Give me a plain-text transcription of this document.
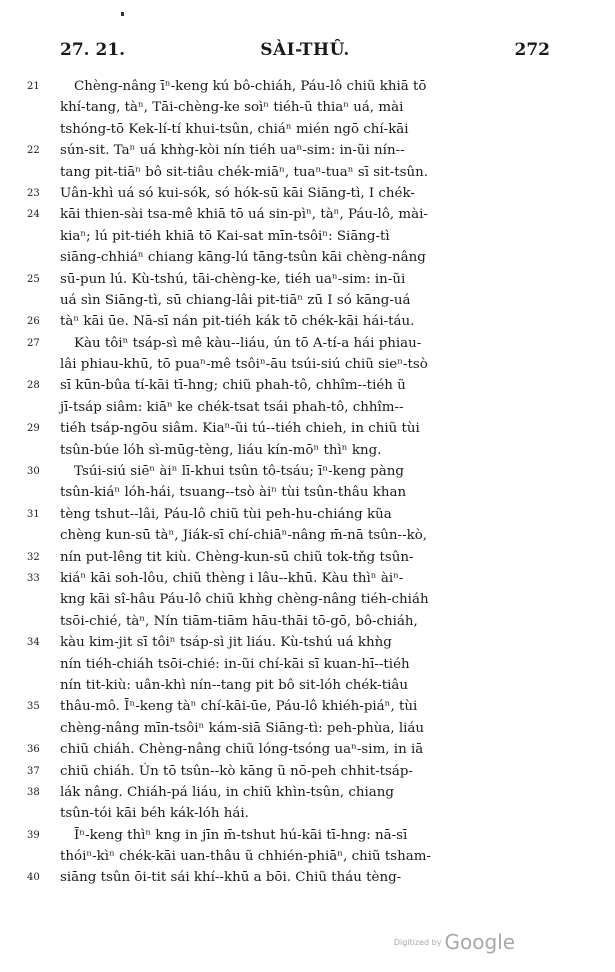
27. 21.	SÀI-THÛ.	272
21	Chèng-nâng īⁿ-keng kú bô-chiáh, Páu-lô chiũ khiā tō
khí-tang, tàⁿ, Tāi-chèng-ke soìⁿ tiéh-ũ thiaⁿ uá, mài
tshóng-tō Kek-lí-tí khui-tsûn, chiáⁿ mién ngō chí-kāi
22	sún-sit. Taⁿ uá khǹg-kòi nín tiéh uaⁿ-sim: in-ũi nín--
tang pit-tiāⁿ bô sit-tiâu chék-miāⁿ, tuaⁿ-tuaⁿ sī sit-tsûn.
23	Uân-khì uá só kui-sók, só hók-sū kāi Siāng-tì, I chék-
24	kāi thien-sài tsa-mê khiā tō uá sin-pìⁿ, tàⁿ, Páu-lô, mài-
kiaⁿ; lú pit-tiéh khiā tō Kai-sat mīn-tsôiⁿ: Siāng-tì
siāng-chhiáⁿ chiang kāng-lú tāng-tsûn kāi chèng-nâng
25	sū-pun lú. Kù-tshú, tāi-chèng-ke, tiéh uaⁿ-sim: in-ũi
uá sìn Siāng-tì, sū chiang-lâi pit-tiāⁿ zū I só kāng-uá
26	tàⁿ kāi ūe. Nā-sī nán pit-tiéh kák tō chék-kāi hái-táu.
27	Kàu tôiⁿ tsáp-sì mê kàu--liáu, ún tō A-tí-a hái phiau-
lâi phiau-khū, tō puaⁿ-mê tsôiⁿ-āu tsúi-siú chiũ sieⁿ-tsò
28	sī kūn-bûa tí-kāi tī-hng; chiũ phah-tô, chhîm--tiéh ũ
jī-tsáp siâm: kiāⁿ ke chék-tsat tsái phah-tô, chhîm--
29	tiéh tsáp-ngōu siâm. Kiaⁿ-ũi tú--tiéh chieh, in chiũ tùi
tsûn-búe lóh sì-mūg-tèng, liáu kín-mōⁿ thìⁿ kng.
30	Tsúi-siú siēⁿ àiⁿ lī-khui tsûn tô-tsáu; īⁿ-keng pàng
tsûn-kiáⁿ lóh-hái, tsuang--tsò àiⁿ tùi tsûn-thâu khan
31	tèng tshut--lâi, Páu-lô chiũ tùi peh-hu-chiáng kũa
chèng kun-sū tàⁿ, Jiák-sī chí-chiāⁿ-nâng m̄-nā tsûn--kò,
32	nín put-lêng tit kiù. Chèng-kun-sū chiũ tok-tňg tsûn-
33	kiáⁿ kāi soh-lôu, chiũ thèng i lâu--khū. Kàu thìⁿ àiⁿ-
kng kāi sî-hâu Páu-lô chiũ khǹg chèng-nâng tiéh-chiáh
tsōi-chié, tàⁿ, Nín tiām-tiām hāu-thāi tō-gō, bô-chiáh,
34	kàu kim-jit sī tôiⁿ tsáp-sì jit liáu. Kù-tshú uá khǹg
nín tiéh-chiáh tsōi-chié: in-ũi chí-kāi sī kuan-hī--tiéh
nín tit-kiù: uân-khì nín--tang pit bô sit-lóh chék-tiâu
35	thâu-mô. Īⁿ-keng tàⁿ chí-kāi-ūe, Páu-lô khiéh-piáⁿ, tùi
chèng-nâng mīn-tsôiⁿ kám-siā Siāng-tì: peh-phùa, liáu
36	chiũ chiáh. Chèng-nâng chiũ lóng-tsóng uaⁿ-sim, in iā
37	chiũ chiáh. Ún tō tsûn--kò kāng ũ nō-peh chhit-tsáp-
38	lák nâng. Chiáh-pá liáu, in chiũ khìn-tsûn, chiang
tsûn-tói kāi béh kák-lóh hái.
39	Īⁿ-keng thìⁿ kng in jīn m̄-tshut hú-kāi tī-hng: nā-sī
thóiⁿ-kìⁿ chék-kāi uan-thâu ũ chhién-phiāⁿ, chiũ tsham-
40	siāng tsûn ōi-tit sái khí--khū a bōi. Chiũ tháu tèng-
$^{Digitized by}$ Google
